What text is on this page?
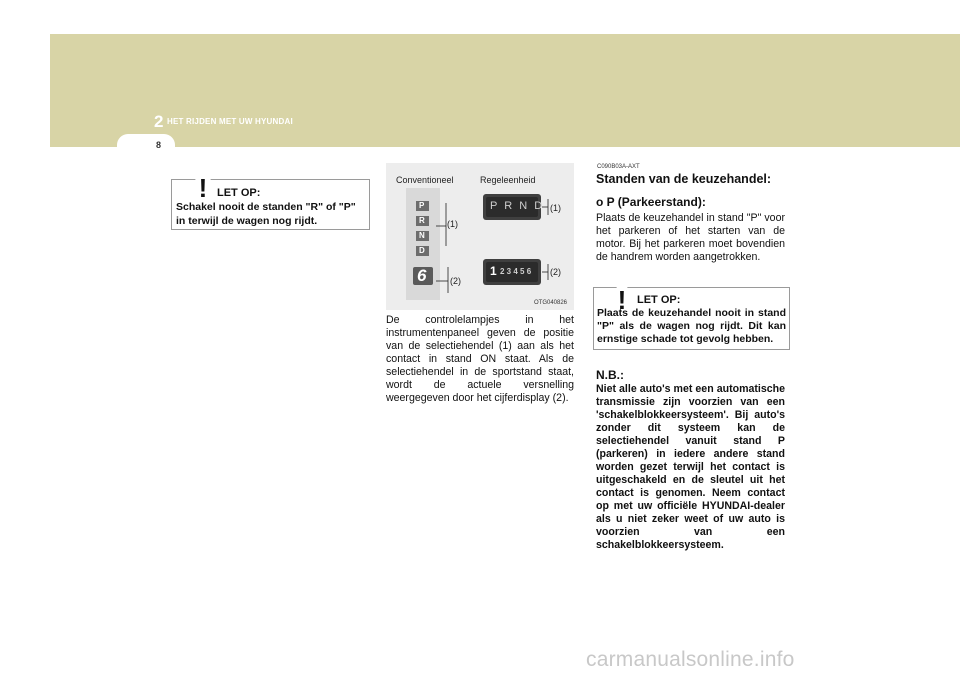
2 HET RIJDEN MET UW HYUNDAI
8
! LET OP:
Schakel nooit de standen "R" of "P" in terwijl de wagen nog rijdt.
Conventioneel	Regeleenheid
P
R
N
D
6
(1)
(2)
(1)
(2)
P R N D
1 2 3 4 5 6
OTG040826
De controlelampjes in het instrumentenpaneel geven de positie van de selectiehendel (1) aan als het contact in stand ON staat. Als de selectiehendel in de sportstand staat, wordt de actuele versnelling weergegeven door het cijferdisplay (2).
C090B03A-AXT
Standen van de keuzehandel:
o P (Parkeerstand):
Plaats de keuzehandel in stand "P" voor het parkeren of het starten van de motor. Bij het parkeren moet bovendien de handrem worden aangetrokken.
! LET OP:
Plaats de keuzehandel nooit in stand "P" als de wagen nog rijdt. Dit kan ernstige schade tot gevolg hebben.
N.B.:
Niet alle auto's met een automatische transmissie zijn voorzien van een 'schakelblokkeersysteem'. Bij auto's zonder dit systeem kan de selectiehendel vanuit stand P (parkeren) in iedere andere stand worden gezet terwijl het contact is uitgeschakeld en de sleutel uit het contact is genomen. Neem contact op met uw officiële HYUNDAI-dealer als u niet zeker weet of uw auto is voorzien van een schakelblokkeersysteem.
carmanualsonline.info
